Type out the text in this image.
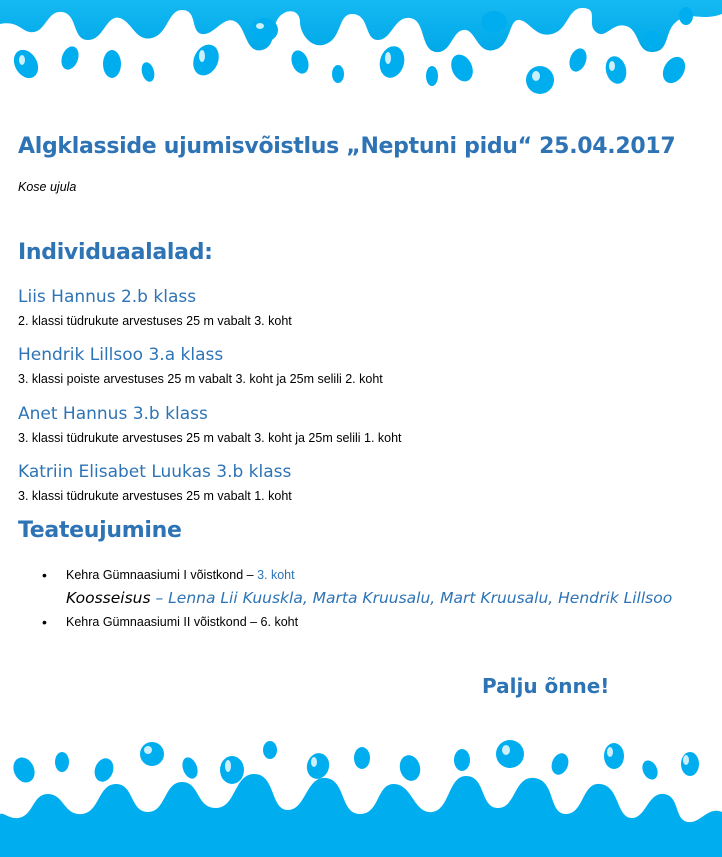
Algklasside ujumisvõistlus „Neptuni pidu“ 25.04.2017
Kose ujula
Individuaalalad:
Liis Hannus 2.b klass
2. klassi tüdrukute arvestuses 25 m vabalt 3. koht
Hendrik Lillsoo 3.a klass
3. klassi poiste arvestuses 25 m vabalt 3. koht ja 25m selili 2. koht
Anet Hannus 3.b klass
3. klassi tüdrukute arvestuses 25 m vabalt 3. koht ja 25m selili 1. koht
Katriin Elisabet Luukas 3.b klass
3. klassi tüdrukute arvestuses 25 m vabalt 1. koht
Teateujumine
• Kehra Gümnaasiumi I võistkond – 3. koht
Koosseisus – Lenna Lii Kuuskla, Marta Kruusalu, Mart Kruusalu, Hendrik Lillsoo
• Kehra Gümnaasiumi II võistkond – 6. koht
Palju õnne!
